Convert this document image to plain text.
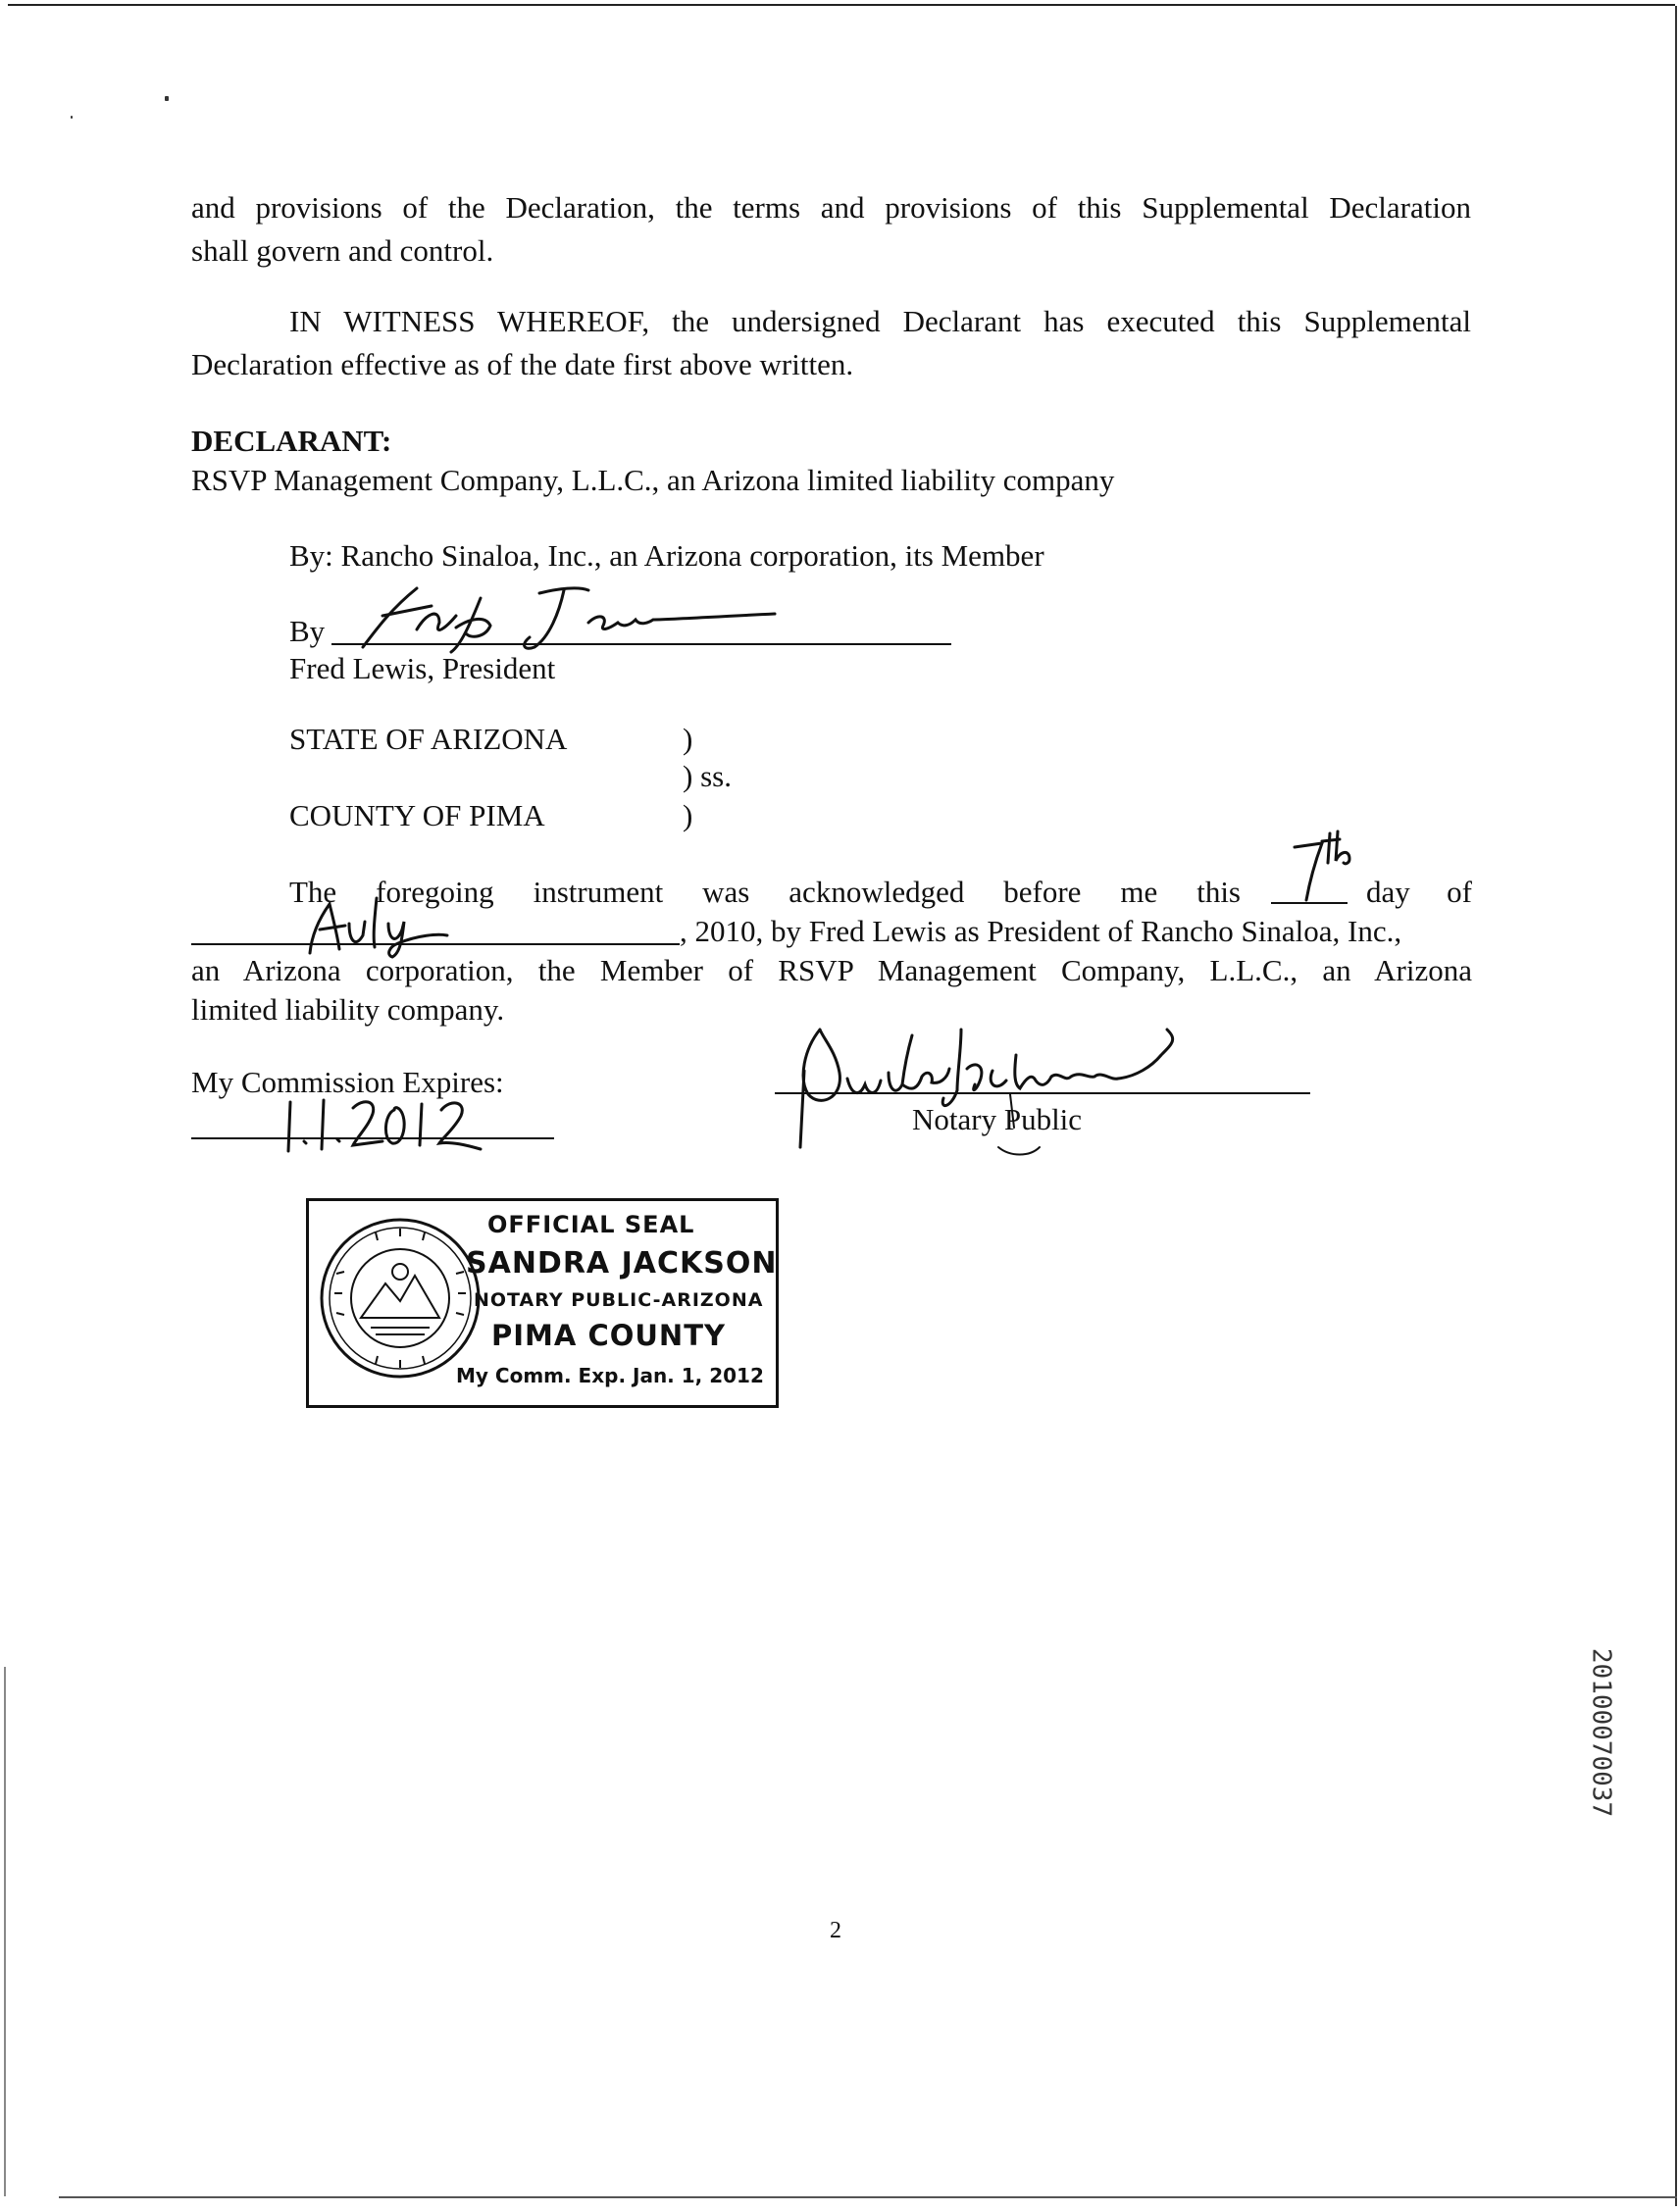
and provisions of the Declaration, the terms and provisions of this Supplemental Declaration
shall govern and control.
IN WITNESS WHEREOF, the undersigned Declarant has executed this Supplemental
Declaration effective as of the date first above written.
DECLARANT:
RSVP Management Company, L.L.C., an Arizona limited liability company
By: Rancho Sinaloa, Inc., an Arizona corporation, its Member
By
Fred Lewis, President
STATE OF ARIZONA	)
) ss.
COUNTY OF PIMA	)
The foregoing instrument was acknowledged before me this	day of
, 2010, by Fred Lewis as President of Rancho Sinaloa, Inc.,
an Arizona corporation, the Member of RSVP Management Company, L.L.C., an Arizona
limited liability company.
My Commission Expires:
Notary Public
OFFICIAL SEAL
SANDRA JACKSON
NOTARY PUBLIC-ARIZONA
PIMA COUNTY
My Comm. Exp. Jan. 1, 2012
20100070037
2
